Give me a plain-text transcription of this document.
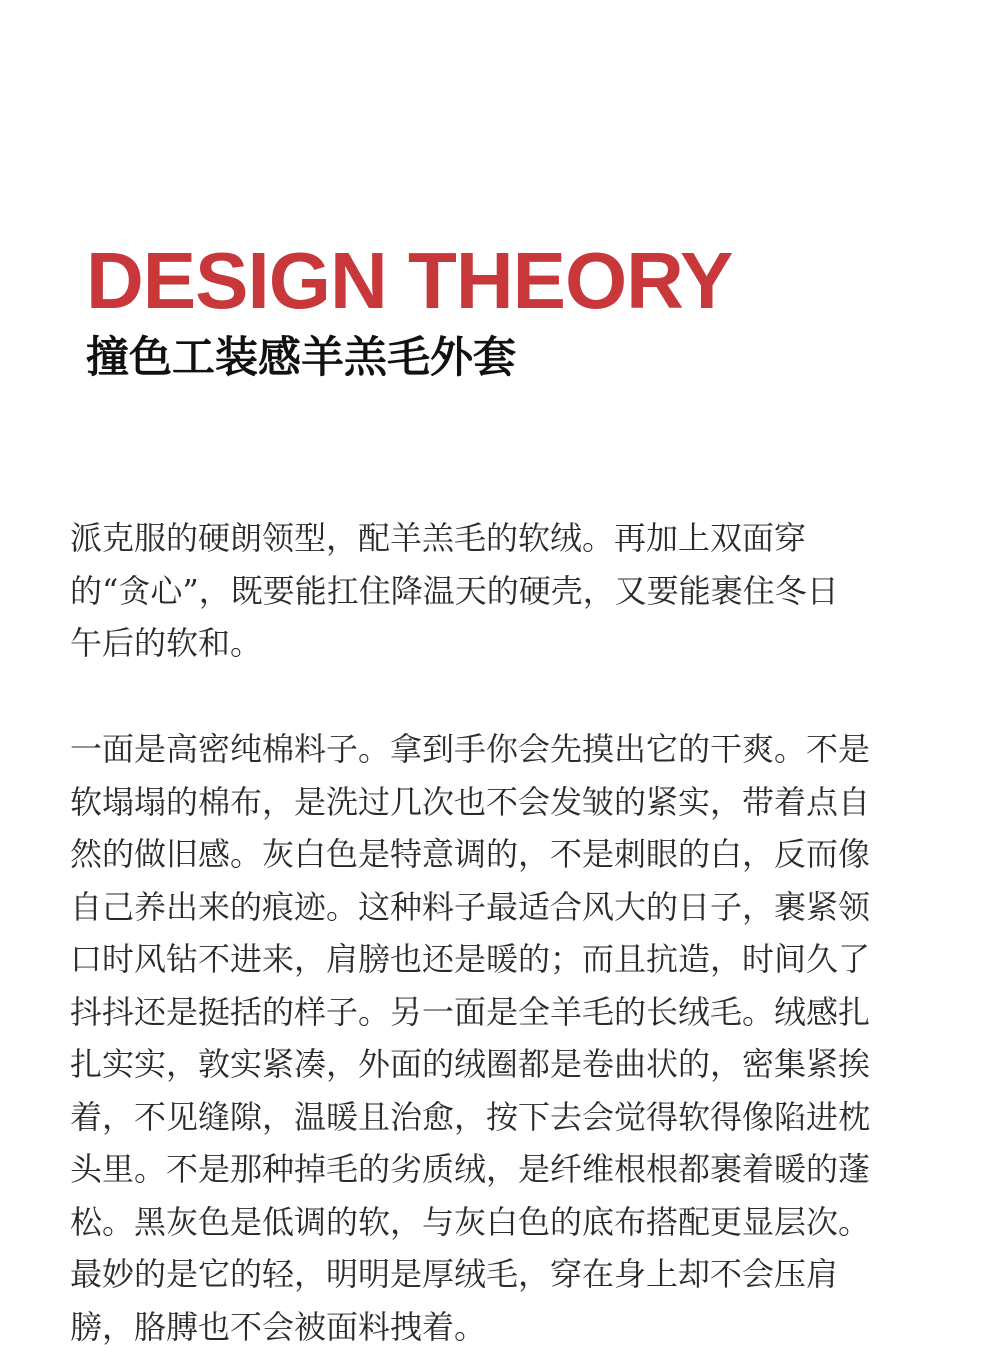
DESIGN THEORY
撞色工装感羊羔毛外套
派克服的硬朗领型，配羊羔毛的软绒。再加上双面穿
的“贪心”，既要能扛住降温天的硬壳，又要能裹住冬日
午后的软和。
一面是高密纯棉料子。拿到手你会先摸出它的干爽。不是
软塌塌的棉布，是洗过几次也不会发皱的紧实，带着点自
然的做旧感。灰白色是特意调的，不是刺眼的白，反而像
自己养出来的痕迹。这种料子最适合风大的日子，裹紧领
口时风钻不进来，肩膀也还是暖的；而且抗造，时间久了
抖抖还是挺括的样子。另一面是全羊毛的长绒毛。绒感扎
扎实实，敦实紧凑，外面的绒圈都是卷曲状的，密集紧挨
着，不见缝隙，温暖且治愈，按下去会觉得软得像陷进枕
头里。不是那种掉毛的劣质绒，是纤维根根都裹着暖的蓬
松。黑灰色是低调的软，与灰白色的底布搭配更显层次。
最妙的是它的轻，明明是厚绒毛，穿在身上却不会压肩
膀，胳膊也不会被面料拽着。
